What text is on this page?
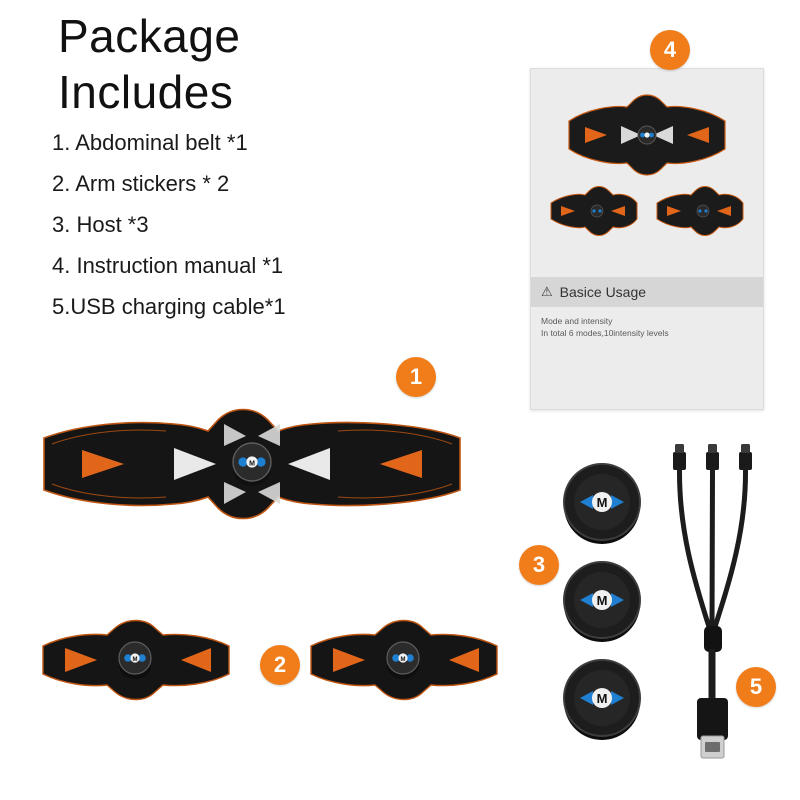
Package
Includes
1. Abdominal belt *1
2. Arm stickers * 2
3. Host *3
4. Instruction manual *1
5.USB charging cable*1
⚠ Basice Usage
Mode and intensity
In total 6 modes,10intensity levels
4
M
1
M	M
2
M
M
M
3
5
